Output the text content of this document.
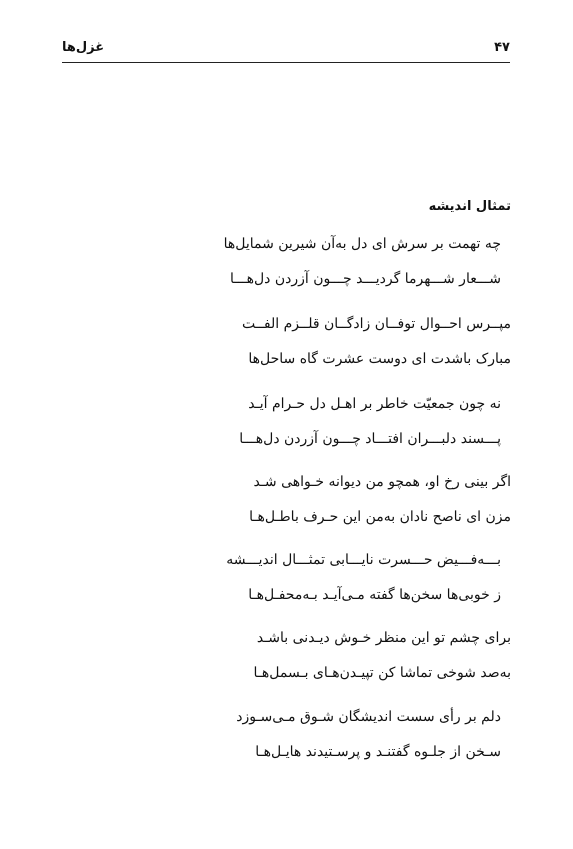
غزل‌ها	۴۷
تمثال اندیشه
چه تهمت بر سرش ای دل به‌آن شیرین شمایل‌ها
شـــعار شـــهرما گردیـــد چـــون آزردن دل‌هـــا
مپــرس احــوال توفــان زادگــان قلــزم الفــت
مبارک باشدت ای دوست عشرت گاه ساحل‌ها
نه چون جمعیّت خاطر بر اهـل دل حـرام آیـد
پـــسند دلبـــران افتـــاد چـــون آزردن دل‌هـــا
اگر بینی رخ او، همچو من دیوانه خـواهی شـد
مزن ای ناصح نادان به‌من این حـرف باطـل‌هـا
بـــه‌فـــیض حـــسرت نایـــابی تمثـــال اندیـــشه
ز خوبی‌ها سخن‌ها گفته مـی‌آیـد بـه‌محفـل‌هـا
برای چشم تو این منظر خـوش دیـدنی باشـد
به‌صد شوخی تماشا کن تپیـدن‌هـای بـسمل‌هـا
دلم بر رأی سست اندیشگان شـوق مـی‌سـوزد
سـخن از جلـوه گفتنـد و پرسـتیدند هایـل‌هـا
